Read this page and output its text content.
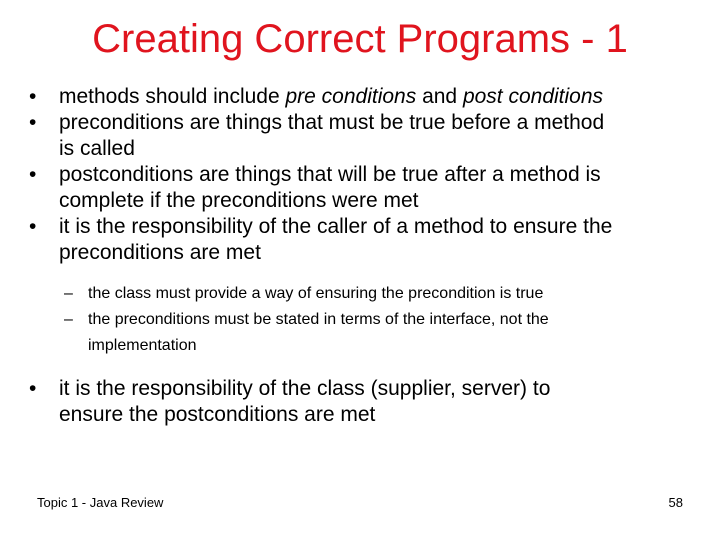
Creating Correct Programs - 1
• methods should include pre conditions and post conditions
• preconditions are things that must be true before a method
is called
• postconditions are things that will be true after a method is
complete if the preconditions were met
• it is the responsibility of the caller of a method to ensure the
preconditions are met
– the class must provide a way of ensuring the precondition is true
– the preconditions must be stated in terms of the interface, not the
implementation
• it is the responsibility of the class (supplier, server) to
ensure the postconditions are met
Topic 1 - Java Review	58
